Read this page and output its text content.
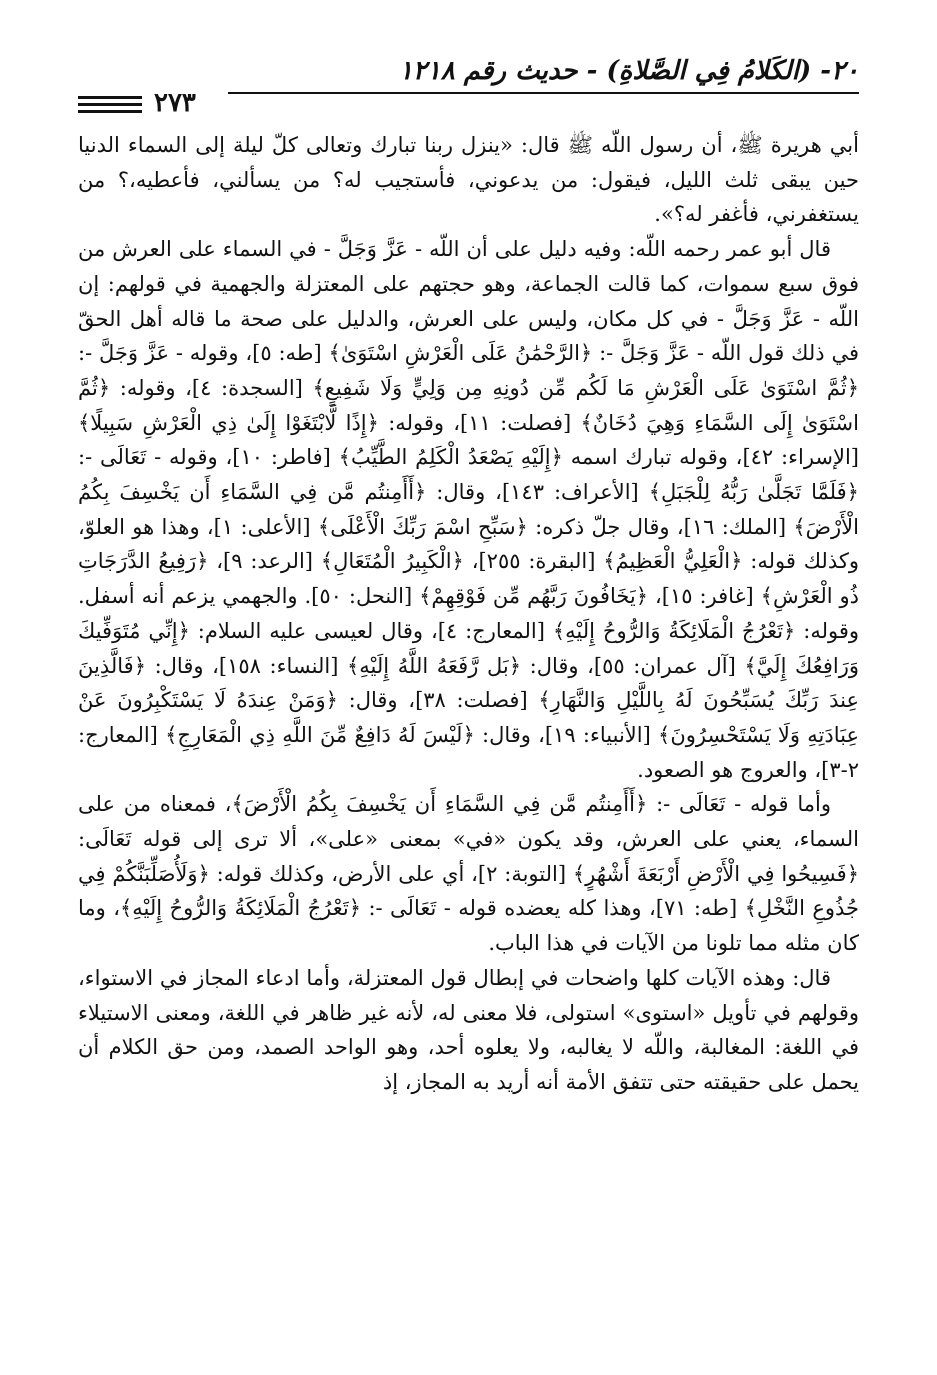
٢٠- (الكَلامُ فِي الصَّلاةِ) - حديث رقم ١٢١٨
٢٧٣

أبي هريرة ﷺ، أن رسول اللّه ﷺ قال: «ينزل ربنا تبارك وتعالى كلّ ليلة إلى السماء الدنيا حين يبقى ثلث الليل، فيقول: من يدعوني، فأستجيب له؟ من يسألني، فأعطيه،؟ من يستغفرني، فأغفر له؟».

قال أبو عمر رحمه اللّه: وفيه دليل على أن اللّه - عَزَّ وَجَلَّ - في السماء على العرش من فوق سبع سموات، كما قالت الجماعة، وهو حجتهم على المعتزلة والجهمية في قولهم: إن اللّه - عَزَّ وَجَلَّ - في كل مكان، وليس على العرش، والدليل على صحة ما قاله أهل الحقّ في ذلك قول اللّه - عَزَّ وَجَلَّ -: ﴿الرَّحْمَٰنُ عَلَى الْعَرْشِ اسْتَوَىٰ﴾ [طه: ٥]، وقوله - عَزَّ وَجَلَّ -: ﴿ثُمَّ اسْتَوَىٰ عَلَى الْعَرْشِ مَا لَكُم مِّن دُونِهِ مِن وَلِيٍّ وَلَا شَفِيعٍ﴾ [السجدة: ٤]، وقوله: ﴿ثُمَّ اسْتَوَىٰ إِلَى السَّمَاءِ وَهِيَ دُخَانٌ﴾ [فصلت: ١١]، وقوله: ﴿إِذًا لَّابْتَغَوْا إِلَىٰ ذِي الْعَرْشِ سَبِيلًا﴾ [الإسراء: ٤٢]، وقوله تبارك اسمه ﴿إِلَيْهِ يَصْعَدُ الْكَلِمُ الطَّيِّبُ﴾ [فاطر: ١٠]، وقوله - تَعَالَى -: ﴿فَلَمَّا تَجَلَّىٰ رَبُّهُ لِلْجَبَلِ﴾ [الأعراف: ١٤٣]، وقال: ﴿أَأَمِنتُم مَّن فِي السَّمَاءِ أَن يَخْسِفَ بِكُمُ الْأَرْضَ﴾ [الملك: ١٦]، وقال جلّ ذكره: ﴿سَبِّحِ اسْمَ رَبِّكَ الْأَعْلَى﴾ [الأعلى: ١]، وهذا هو العلوّ، وكذلك قوله: ﴿الْعَلِيُّ الْعَظِيمُ﴾ [البقرة: ٢٥٥]، ﴿الْكَبِيرُ الْمُتَعَالِ﴾ [الرعد: ٩]، ﴿رَفِيعُ الدَّرَجَاتِ ذُو الْعَرْشِ﴾ [غافر: ١٥]، ﴿يَخَافُونَ رَبَّهُم مِّن فَوْقِهِمْ﴾ [النحل: ٥٠]. والجهمي يزعم أنه أسفل. وقوله: ﴿تَعْرُجُ الْمَلَائِكَةُ وَالرُّوحُ إِلَيْهِ﴾ [المعارج: ٤]، وقال لعيسى عليه السلام: ﴿إِنِّي مُتَوَفِّيكَ وَرَافِعُكَ إِلَيَّ﴾ [آل عمران: ٥٥]، وقال: ﴿بَل رَّفَعَهُ اللَّهُ إِلَيْهِ﴾ [النساء: ١٥٨]، وقال: ﴿فَالَّذِينَ عِندَ رَبِّكَ يُسَبِّحُونَ لَهُ بِاللَّيْلِ وَالنَّهَارِ﴾ [فصلت: ٣٨]، وقال: ﴿وَمَنْ عِندَهُ لَا يَسْتَكْبِرُونَ عَنْ عِبَادَتِهِ وَلَا يَسْتَحْسِرُونَ﴾ [الأنبياء: ١٩]، وقال: ﴿لَيْسَ لَهُ دَافِعٌ مِّنَ اللَّهِ ذِي الْمَعَارِجِ﴾ [المعارج: ٢-٣]، والعروج هو الصعود.

وأما قوله - تَعَالَى -: ﴿أَأَمِنتُم مَّن فِي السَّمَاءِ أَن يَخْسِفَ بِكُمُ الْأَرْضَ﴾، فمعناه من على السماء، يعني على العرش، وقد يكون «في» بمعنى «على»، ألا ترى إلى قوله تَعَالَى: ﴿فَسِيحُوا فِي الْأَرْضِ أَرْبَعَةَ أَشْهُرٍ﴾ [التوبة: ٢]، أي على الأرض، وكذلك قوله: ﴿وَلَأُصَلِّبَنَّكُمْ فِي جُذُوعِ النَّخْلِ﴾ [طه: ٧١]، وهذا كله يعضده قوله - تَعَالَى -: ﴿تَعْرُجُ الْمَلَائِكَةُ وَالرُّوحُ إِلَيْهِ﴾، وما كان مثله مما تلونا من الآيات في هذا الباب.

قال: وهذه الآيات كلها واضحات في إبطال قول المعتزلة، وأما ادعاء المجاز في الاستواء، وقولهم في تأويل «استوى» استولى، فلا معنى له، لأنه غير ظاهر في اللغة، ومعنى الاستيلاء في اللغة: المغالبة، واللّه لا يغالبه، ولا يعلوه أحد، وهو الواحد الصمد، ومن حق الكلام أن يحمل على حقيقته حتى تتفق الأمة أنه أريد به المجاز، إذ
